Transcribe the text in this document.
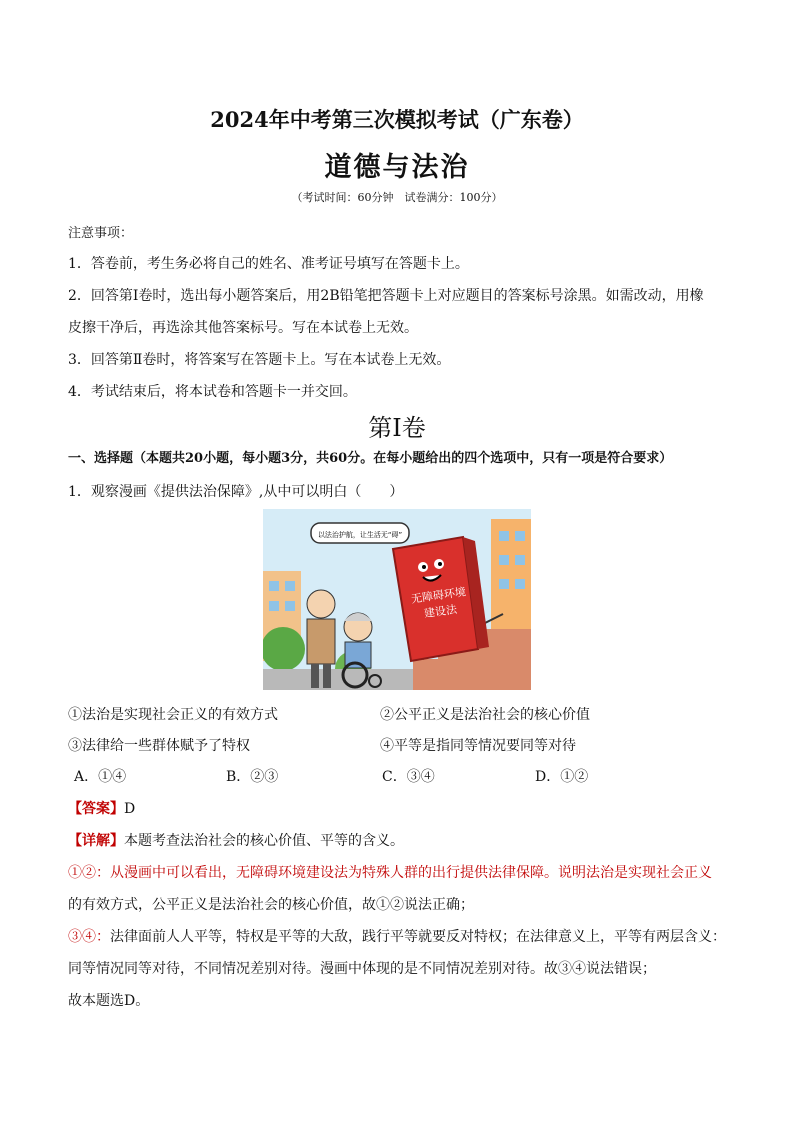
2024年中考第三次模拟考试（广东卷）
道德与法治
（考试时间：60分钟　试卷满分：100分）
注意事项：
1．答卷前，考生务必将自己的姓名、准考证号填写在答题卡上。
2．回答第Ⅰ卷时，选出每小题答案后，用2B铅笔把答题卡上对应题目的答案标号涂黑。如需改动，用橡
皮擦干净后，再选涂其他答案标号。写在本试卷上无效。
3．回答第Ⅱ卷时，将答案写在答题卡上。写在本试卷上无效。
4．考试结束后，将本试卷和答题卡一并交回。
第Ⅰ卷
一、选择题（本题共20小题，每小题3分，共60分。在每小题给出的四个选项中，只有一项是符合要求）
1．观察漫画《提供法治保障》,从中可以明白（　　）
无障碍环境
建设法
以法治护航，让生活无“碍”
①法治是实现社会正义的有效方式	②公平正义是法治社会的核心价值
③法律给一些群体赋予了特权	④平等是指同等情况要同等对待
A．①④	B．②③	C．③④	D．①②
【答案】D
【详解】本题考查法治社会的核心价值、平等的含义。
①②：从漫画中可以看出，无障碍环境建设法为特殊人群的出行提供法律保障。说明法治是实现社会正义
的有效方式，公平正义是法治社会的核心价值，故①②说法正确；
③④：法律面前人人平等，特权是平等的大敌，践行平等就要反对特权；在法律意义上，平等有两层含义：
同等情况同等对待，不同情况差别对待。漫画中体现的是不同情况差别对待。故③④说法错误；
故本题选D。
